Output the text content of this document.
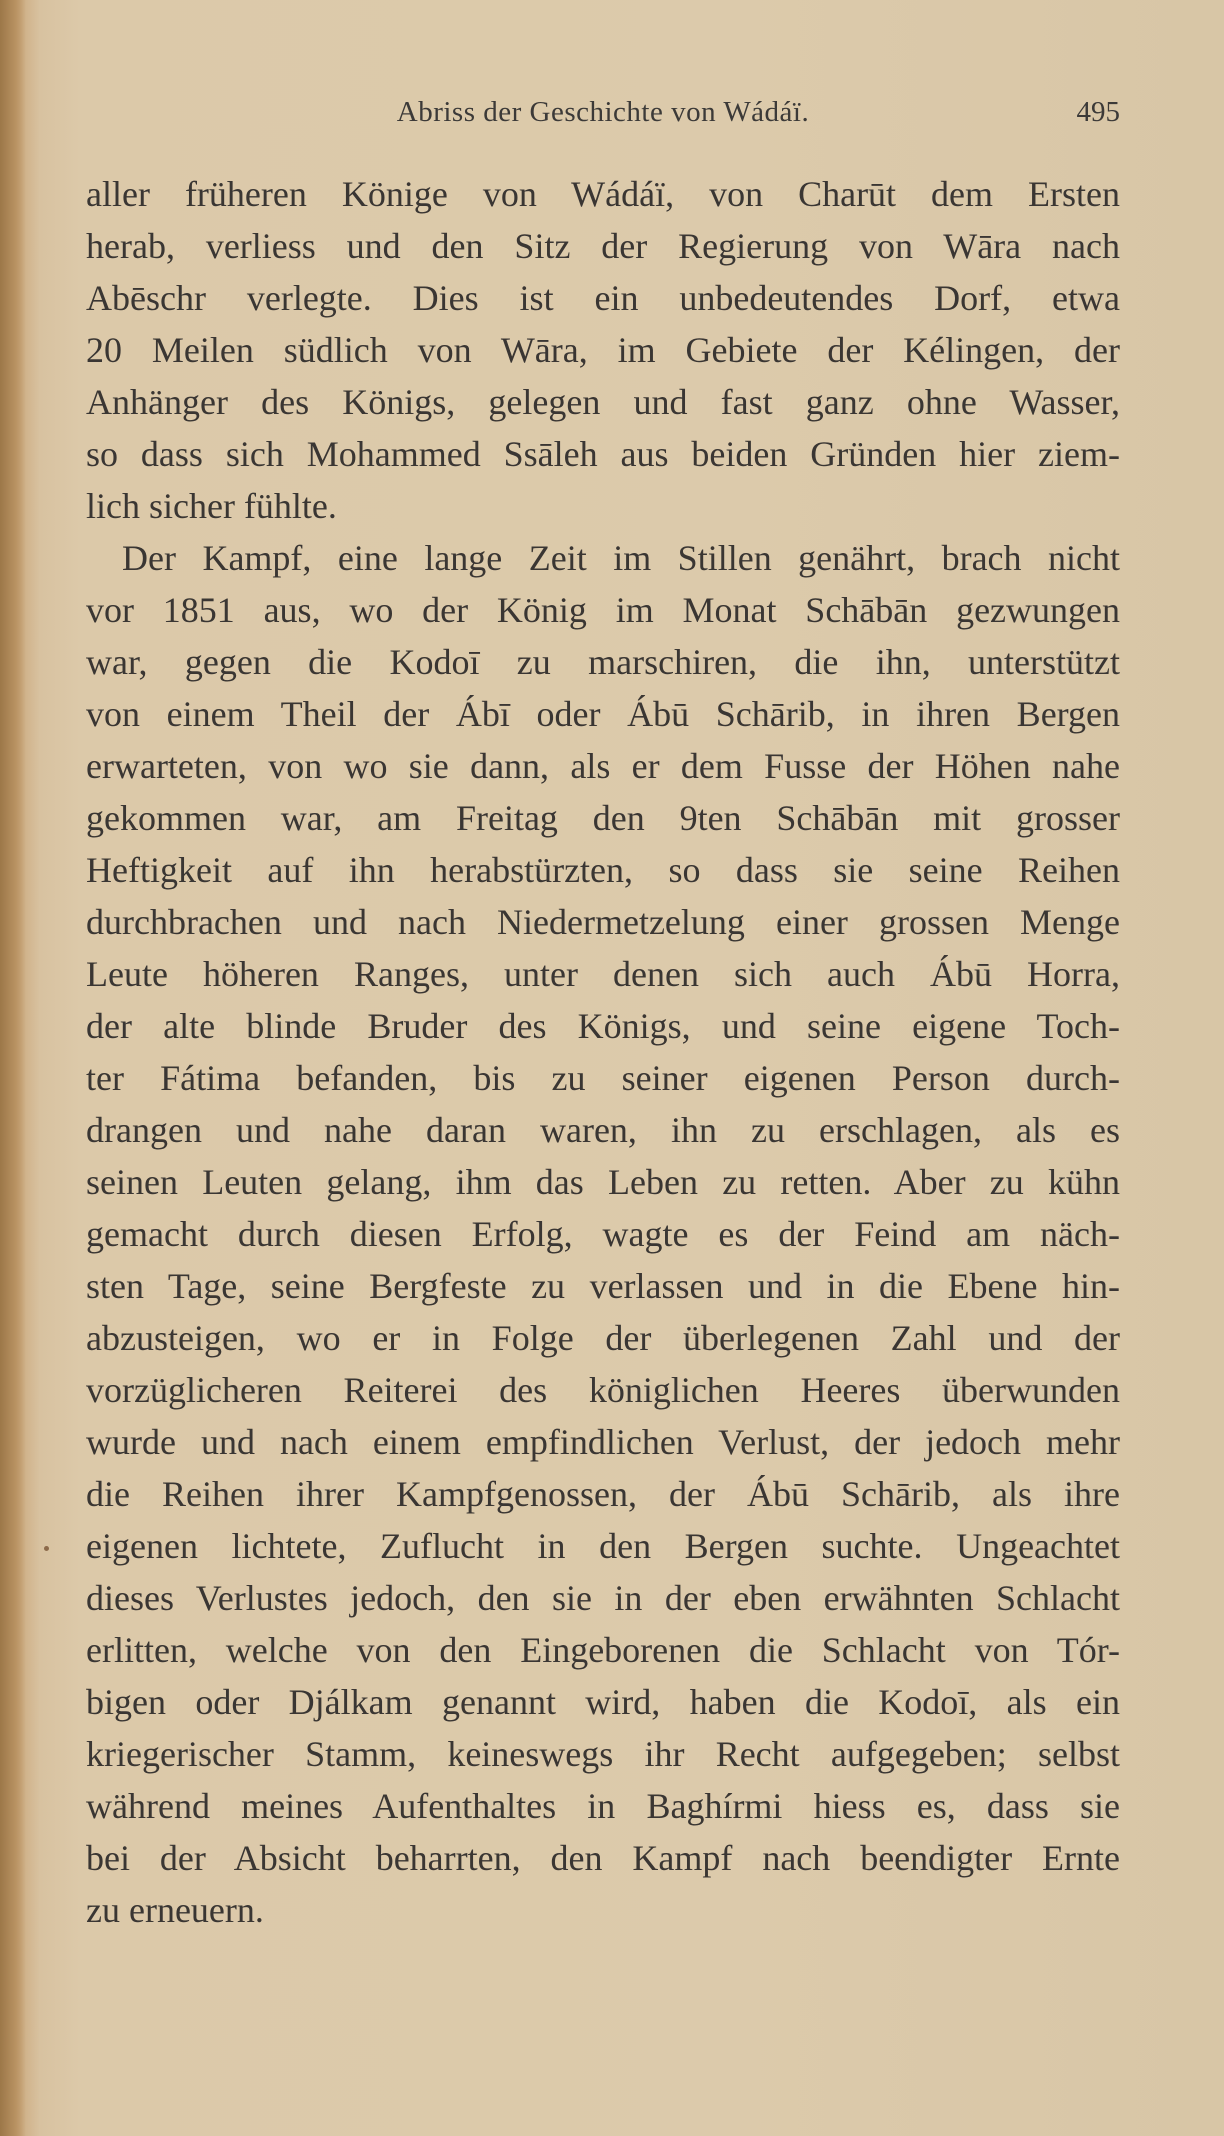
Abriss der Geschichte von Wádáï.	495
aller früheren Könige von Wádáï, von Charūt dem Ersten
herab, verliess und den Sitz der Regierung von Wāra nach
Abēschr verlegte. Dies ist ein unbedeutendes Dorf, etwa
20 Meilen südlich von Wāra, im Gebiete der Kélingen, der
Anhänger des Königs, gelegen und fast ganz ohne Wasser,
so dass sich Mohammed Ssāleh aus beiden Gründen hier ziem-
lich sicher fühlte.
Der Kampf, eine lange Zeit im Stillen genährt, brach nicht
vor 1851 aus, wo der König im Monat Schābān gezwungen
war, gegen die Kodoī zu marschiren, die ihn, unterstützt
von einem Theil der Ábī oder Ábū Schārib, in ihren Bergen
erwarteten, von wo sie dann, als er dem Fusse der Höhen nahe
gekommen war, am Freitag den 9ten Schābān mit grosser
Heftigkeit auf ihn herabstürzten, so dass sie seine Reihen
durchbrachen und nach Niedermetzelung einer grossen Menge
Leute höheren Ranges, unter denen sich auch Ábū Horra,
der alte blinde Bruder des Königs, und seine eigene Toch-
ter Fátima befanden, bis zu seiner eigenen Person durch-
drangen und nahe daran waren, ihn zu erschlagen, als es
seinen Leuten gelang, ihm das Leben zu retten. Aber zu kühn
gemacht durch diesen Erfolg, wagte es der Feind am näch-
sten Tage, seine Bergfeste zu verlassen und in die Ebene hin-
abzusteigen, wo er in Folge der überlegenen Zahl und der
vorzüglicheren Reiterei des königlichen Heeres überwunden
wurde und nach einem empfindlichen Verlust, der jedoch mehr
die Reihen ihrer Kampfgenossen, der Ábū Schārib, als ihre
eigenen lichtete, Zuflucht in den Bergen suchte. Ungeachtet
dieses Verlustes jedoch, den sie in der eben erwähnten Schlacht
erlitten, welche von den Eingeborenen die Schlacht von Tór-
bigen oder Djálkam genannt wird, haben die Kodoī, als ein
kriegerischer Stamm, keineswegs ihr Recht aufgegeben; selbst
während meines Aufenthaltes in Baghírmi hiess es, dass sie
bei der Absicht beharrten, den Kampf nach beendigter Ernte
zu erneuern.
